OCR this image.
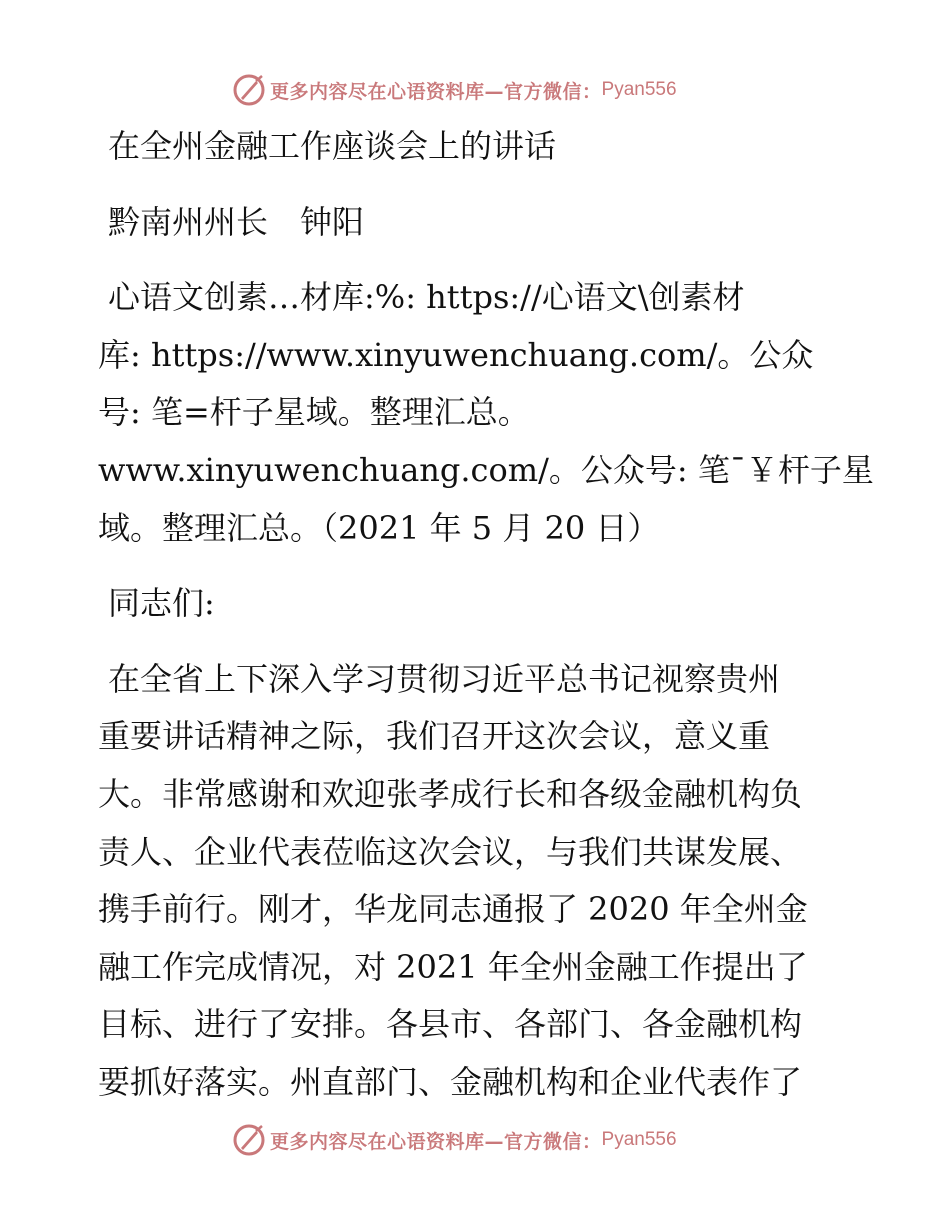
更多内容尽在心语资料库—官方微信： Pyan556

在全州金融工作座谈会上的讲话

黔南州州长　钟阳

心语文创素…材库:%: https://心语文\创素材

库: https://www.xinyuwenchuang.com/。公众

号: 笔=杆子星域。整理汇总。

www.xinyuwenchuang.com/。公众号: 笔¯￥杆子星

域。整理汇总。（2021 年 5 月 20 日）

同志们:

在全省上下深入学习贯彻习近平总书记视察贵州

重要讲话精神之际，我们召开这次会议，意义重

大。非常感谢和欢迎张孝成行长和各级金融机构负

责人、企业代表莅临这次会议，与我们共谋发展、

携手前行。刚才，华龙同志通报了 2020 年全州金

融工作完成情况，对 2021 年全州金融工作提出了

目标、进行了安排。各县市、各部门、各金融机构

要抓好落实。州直部门、金融机构和企业代表作了

更多内容尽在心语资料库—官方微信： Pyan556
